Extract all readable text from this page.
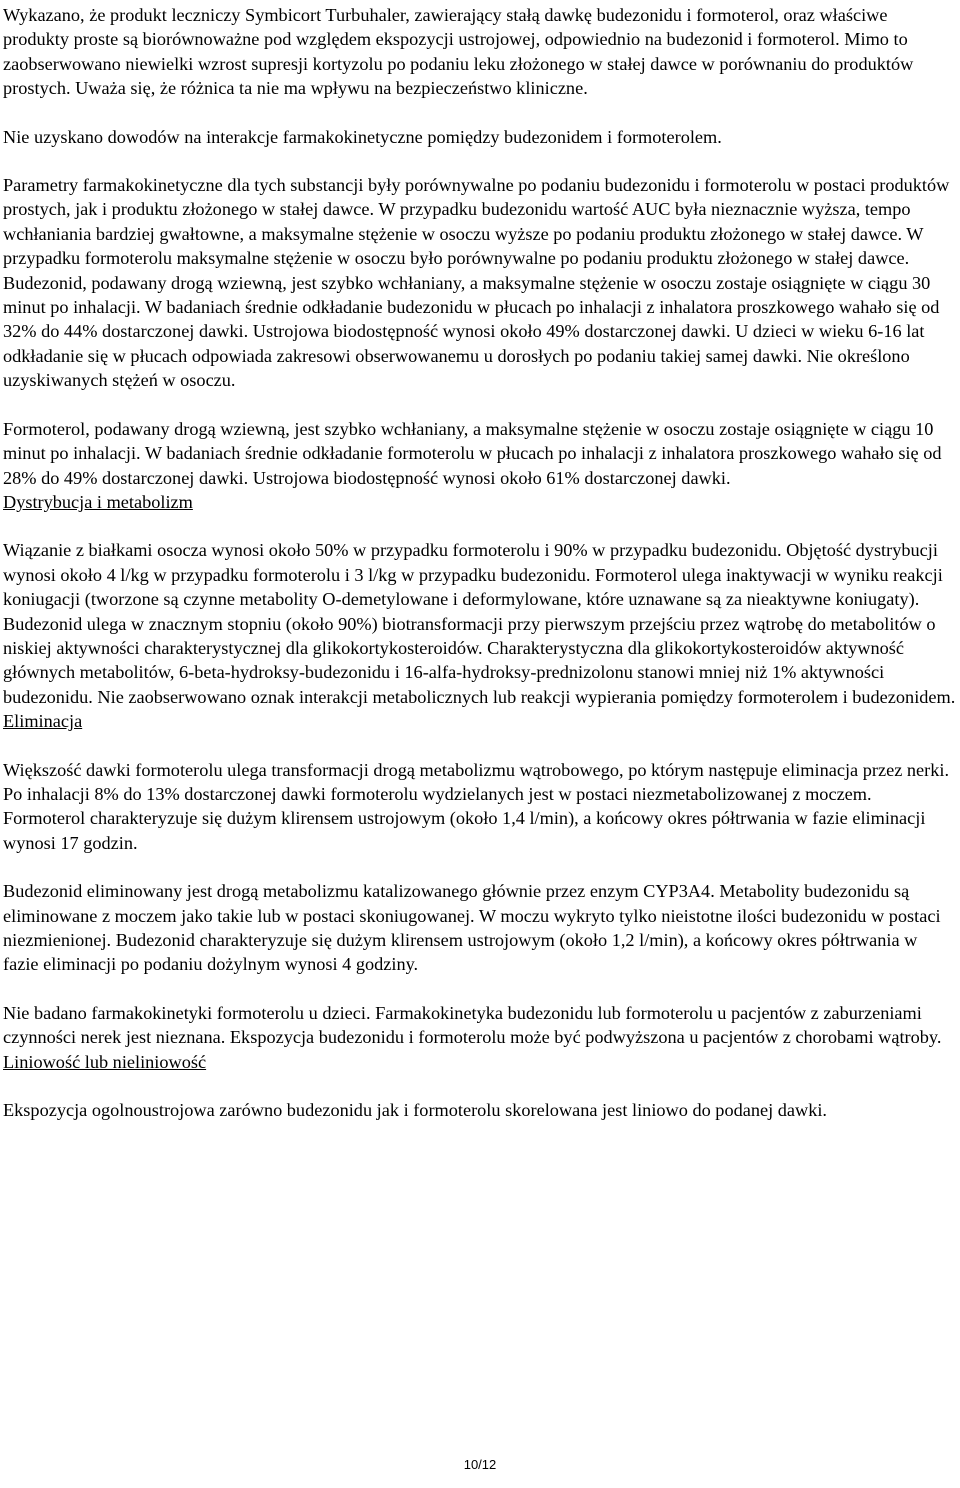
Wykazano, że produkt leczniczy Symbicort Turbuhaler, zawierający stałą dawkę budezonidu i formoterol, oraz właściwe produkty proste są biorównoważne pod względem ekspozycji ustrojowej, odpowiednio na budezonid i formoterol. Mimo to zaobserwowano niewielki wzrost supresji kortyzolu po podaniu leku złożonego w stałej dawce w porównaniu do produktów prostych. Uważa się, że różnica ta nie ma wpływu na bezpieczeństwo kliniczne.

Nie uzyskano dowodów na interakcje farmakokinetyczne pomiędzy budezonidem i formoterolem.

Parametry farmakokinetyczne dla tych substancji były porównywalne po podaniu budezonidu i formoterolu w postaci produktów prostych, jak i produktu złożonego w stałej dawce. W przypadku budezonidu wartość AUC była nieznacznie wyższa, tempo wchłaniania bardziej gwałtowne, a maksymalne stężenie w osoczu wyższe po podaniu produktu złożonego w stałej dawce. W przypadku formoterolu maksymalne stężenie w osoczu było porównywalne po podaniu produktu złożonego w stałej dawce. Budezonid, podawany drogą wziewną, jest szybko wchłaniany, a maksymalne stężenie w osoczu zostaje osiągnięte w ciągu 30 minut po inhalacji. W badaniach średnie odkładanie budezonidu w płucach po inhalacji z inhalatora proszkowego wahało się od 32% do 44% dostarczonej dawki. Ustrojowa biodostępność wynosi około 49% dostarczonej dawki. U dzieci w wieku 6-16 lat odkładanie się w płucach odpowiada zakresowi obserwowanemu u dorosłych po podaniu takiej samej dawki. Nie określono uzyskiwanych stężeń w osoczu.

Formoterol, podawany drogą wziewną, jest szybko wchłaniany, a maksymalne stężenie w osoczu zostaje osiągnięte w ciągu 10 minut po inhalacji. W badaniach średnie odkładanie formoterolu w płucach po inhalacji z inhalatora proszkowego wahało się od 28% do 49% dostarczonej dawki. Ustrojowa biodostępność wynosi około 61% dostarczonej dawki.

Dystrybucja i metabolizm

Wiązanie z białkami osocza wynosi około 50% w przypadku formoterolu i 90% w przypadku budezonidu. Objętość dystrybucji wynosi około 4 l/kg w przypadku formoterolu i 3 l/kg w przypadku budezonidu. Formoterol ulega inaktywacji w wyniku reakcji koniugacji (tworzone są czynne metabolity O-demetylowane i deformylowane, które uznawane są za nieaktywne koniugaty). Budezonid ulega w znacznym stopniu (około 90%) biotransformacji przy pierwszym przejściu przez wątrobę do metabolitów o niskiej aktywności charakterystycznej dla glikokortykosteroidów. Charakterystyczna dla glikokortykosteroidów aktywność głównych metabolitów, 6-beta-hydroksy-budezonidu i 16-alfa-hydroksy-prednizolonu stanowi mniej niż 1% aktywności budezonidu. Nie zaobserwowano oznak interakcji metabolicznych lub reakcji wypierania pomiędzy formoterolem i budezonidem.

Eliminacja

Większość dawki formoterolu ulega transformacji drogą metabolizmu wątrobowego, po którym następuje eliminacja przez nerki. Po inhalacji 8% do 13% dostarczonej dawki formoterolu wydzielanych jest w postaci niezmetabolizowanej z moczem. Formoterol charakteryzuje się dużym klirensem ustrojowym (około 1,4 l/min), a końcowy okres półtrwania w fazie eliminacji wynosi 17 godzin.

Budezonid eliminowany jest drogą metabolizmu katalizowanego głównie przez enzym CYP3A4. Metabolity budezonidu są eliminowane z moczem jako takie lub w postaci skoniugowanej. W moczu wykryto tylko nieistotne ilości budezonidu w postaci niezmienionej. Budezonid charakteryzuje się dużym klirensem ustrojowym (około 1,2 l/min), a końcowy okres półtrwania w fazie eliminacji po podaniu dożylnym wynosi 4 godziny.

Nie badano farmakokinetyki formoterolu u dzieci. Farmakokinetyka budezonidu lub formoterolu u pacjentów z zaburzeniami czynności nerek jest nieznana. Ekspozycja budezonidu i formoterolu może być podwyższona u pacjentów z chorobami wątroby.

Liniowość lub nieliniowość

Ekspozycja ogolnoustrojowa zarówno budezonidu jak i formoterolu skorelowana jest liniowo do podanej dawki.

10/12
